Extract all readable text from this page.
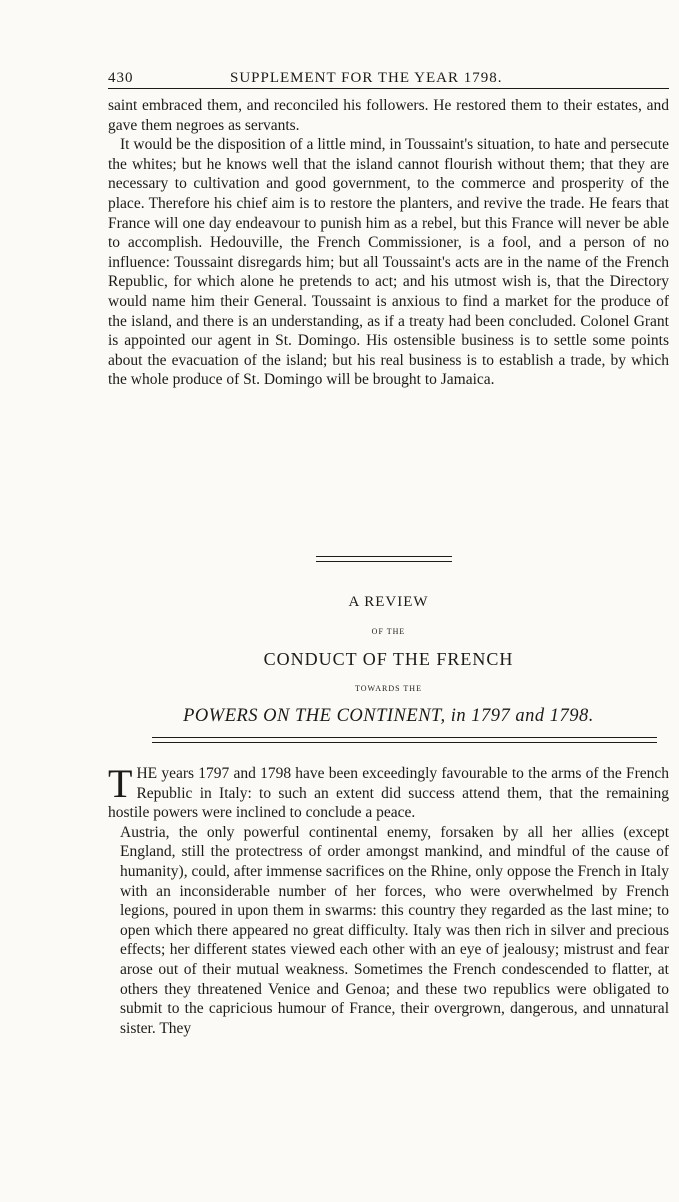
430	SUPPLEMENT FOR THE YEAR 1798.

saint embraced them, and reconciled his followers. He restored them to their estates, and gave them negroes as servants.

It would be the disposition of a little mind, in Toussaint's situation, to hate and persecute the whites; but he knows well that the island cannot flourish without them; that they are necessary to cultivation and good government, to the commerce and prosperity of the place. Therefore his chief aim is to restore the planters, and revive the trade. He fears that France will one day endeavour to punish him as a rebel, but this France will never be able to accomplish. Hedouville, the French Commissioner, is a fool, and a person of no influence: Toussaint disregards him; but all Toussaint's acts are in the name of the French Republic, for which alone he pretends to act; and his utmost wish is, that the Directory would name him their General. Toussaint is anxious to find a market for the produce of the island, and there is an understanding, as if a treaty had been concluded. Colonel Grant is appointed our agent in St. Domingo. His ostensible business is to settle some points about the evacuation of the island; but his real business is to establish a trade, by which the whole produce of St. Domingo will be brought to Jamaica.

A REVIEW
OF THE
CONDUCT OF THE FRENCH
TOWARDS THE
POWERS ON THE CONTINENT, in 1797 and 1798.

THE years 1797 and 1798 have been exceedingly favourable to the arms of the French Republic in Italy: to such an extent did success attend them, that the remaining hostile powers were inclined to conclude a peace.

Austria, the only powerful continental enemy, forsaken by all her allies (except England, still the protectress of order amongst mankind, and mindful of the cause of humanity), could, after immense sacrifices on the Rhine, only oppose the French in Italy with an inconsiderable number of her forces, who were overwhelmed by French legions, poured in upon them in swarms: this country they regarded as the last mine; to open which there appeared no great difficulty. Italy was then rich in silver and precious effects; her different states viewed each other with an eye of jealousy; mistrust and fear arose out of their mutual weakness. Sometimes the French condescended to flatter, at others they threatened Venice and Genoa; and these two republics were obligated to submit to the capricious humour of France, their overgrown, dangerous, and unnatural sister. They
